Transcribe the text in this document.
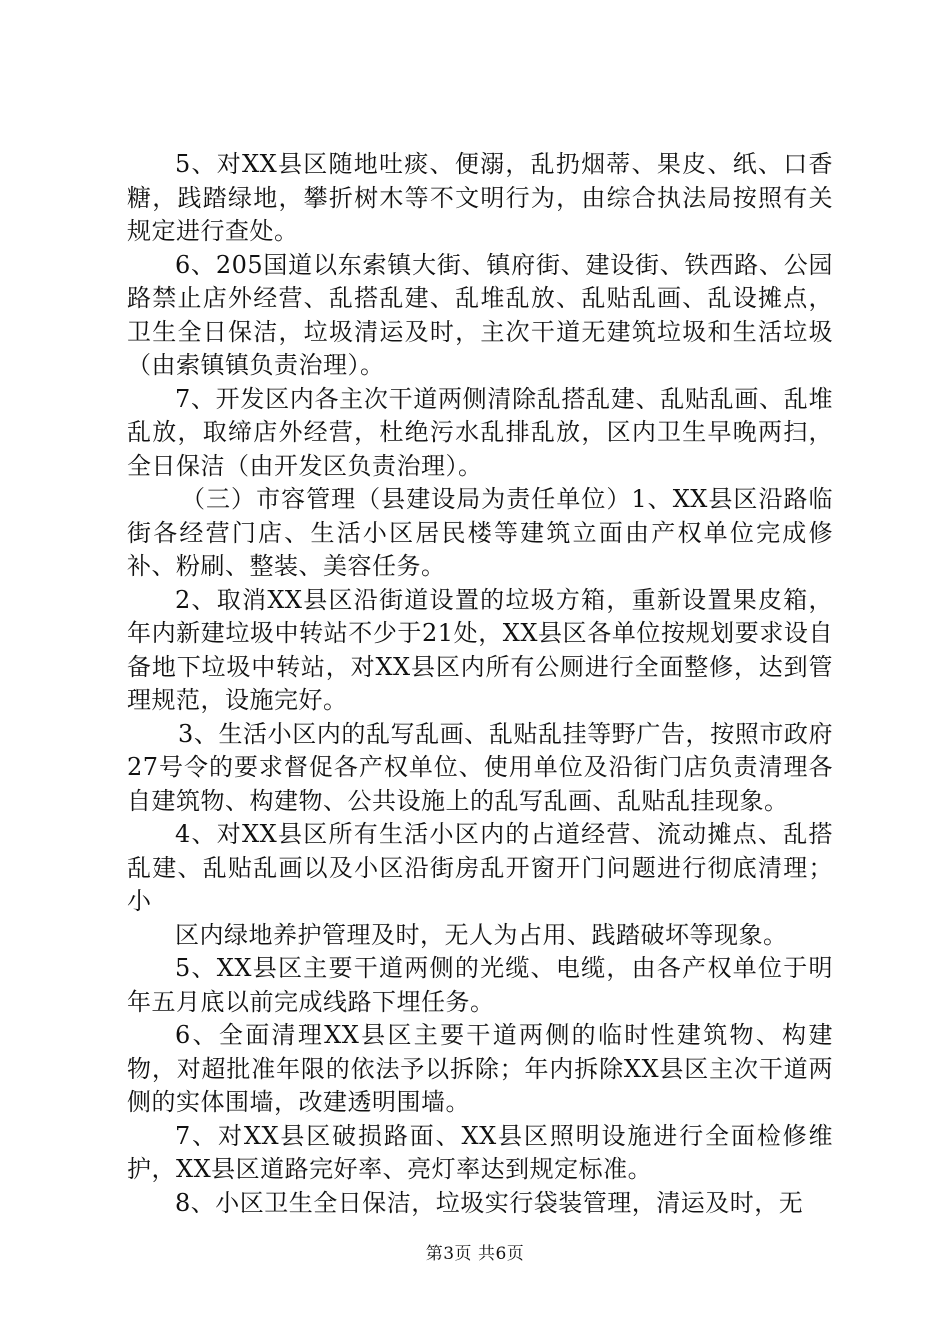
5、对XX县区随地吐痰、便溺，乱扔烟蒂、果皮、纸、口香糖，践踏绿地，攀折树木等不文明行为，由综合执法局按照有关规定进行查处。

6、205国道以东索镇大街、镇府街、建设街、铁西路、公园路禁止店外经营、乱搭乱建、乱堆乱放、乱贴乱画、乱设摊点，卫生全日保洁，垃圾清运及时，主次干道无建筑垃圾和生活垃圾（由索镇镇负责治理）。

7、开发区内各主次干道两侧清除乱搭乱建、乱贴乱画、乱堆乱放，取缔店外经营，杜绝污水乱排乱放，区内卫生早晚两扫，全日保洁（由开发区负责治理）。

（三）市容管理（县建设局为责任单位）1、XX县区沿路临街各经营门店、生活小区居民楼等建筑立面由产权单位完成修补、粉刷、整装、美容任务。

2、取消XX县区沿街道设置的垃圾方箱，重新设置果皮箱，年内新建垃圾中转站不少于21处，XX县区各单位按规划要求设自备地下垃圾中转站，对XX县区内所有公厕进行全面整修，达到管理规范，设施完好。

3、生活小区内的乱写乱画、乱贴乱挂等野广告，按照市政府27号令的要求督促各产权单位、使用单位及沿街门店负责清理各自建筑物、构建物、公共设施上的乱写乱画、乱贴乱挂现象。

4、对XX县区所有生活小区内的占道经营、流动摊点、乱搭乱建、乱贴乱画以及小区沿街房乱开窗开门问题进行彻底清理；小

区内绿地养护管理及时，无人为占用、践踏破坏等现象。

5、XX县区主要干道两侧的光缆、电缆，由各产权单位于明年五月底以前完成线路下埋任务。

6、全面清理XX县区主要干道两侧的临时性建筑物、构建物，对超批准年限的依法予以拆除；年内拆除XX县区主次干道两侧的实体围墙，改建透明围墙。

7、对XX县区破损路面、XX县区照明设施进行全面检修维护，XX县区道路完好率、亮灯率达到规定标准。

8、小区卫生全日保洁，垃圾实行袋装管理，清运及时，无

第3页 共6页
